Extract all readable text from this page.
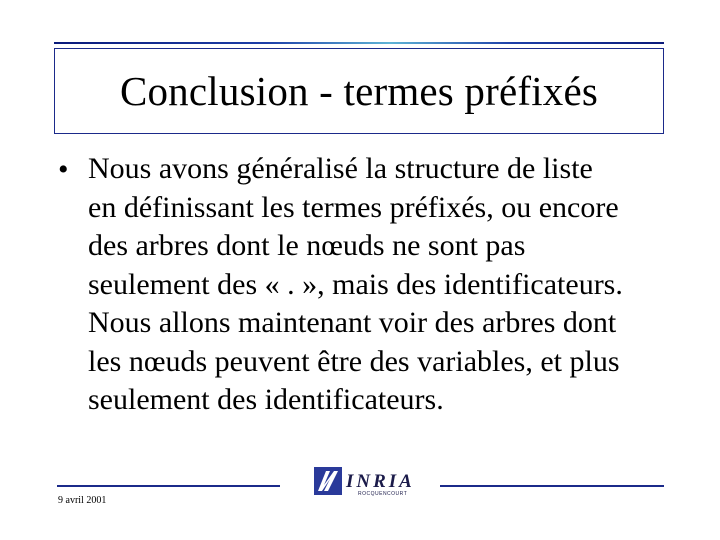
Conclusion - termes préfixés
• Nous avons généralisé la structure de liste
en définissant les termes préfixés, ou encore
des arbres dont le nœuds ne sont pas
seulement des « . », mais des identificateurs.
Nous allons maintenant voir des arbres dont
les nœuds peuvent être des variables, et plus
seulement des identificateurs.
INRIA
ROCQUENCOURT
9 avril 2001
